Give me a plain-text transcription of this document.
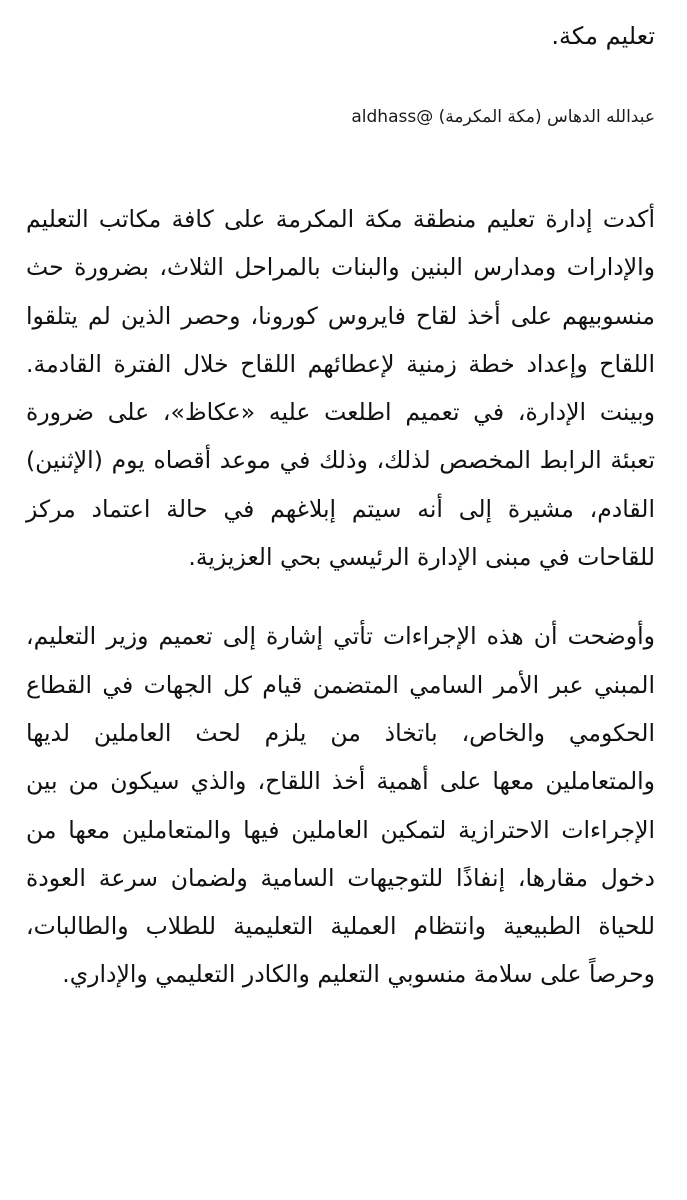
تعليم مكة.

عبدالله الدهاس (مكة المكرمة) @aldhass

أكدت إدارة تعليم منطقة مكة المكرمة على كافة مكاتب التعليم والإدارات ومدارس البنين والبنات بالمراحل الثلاث، بضرورة حث منسوبيهم على أخذ لقاح فايروس كورونا، وحصر الذين لم يتلقوا اللقاح وإعداد خطة زمنية لإعطائهم اللقاح خلال الفترة القادمة. وبينت الإدارة، في تعميم اطلعت عليه «عكاظ»، على ضرورة تعبئة الرابط المخصص لذلك، وذلك في موعد أقصاه يوم (الإثنين) القادم، مشيرة إلى أنه سيتم إبلاغهم في حالة اعتماد مركز للقاحات في مبنى الإدارة الرئيسي بحي العزيزية.

وأوضحت أن هذه الإجراءات تأتي إشارة إلى تعميم وزير التعليم، المبني عبر الأمر السامي المتضمن قيام كل الجهات في القطاع الحكومي والخاص، باتخاذ من يلزم لحث العاملين لديها والمتعاملين معها على أهمية أخذ اللقاح، والذي سيكون من بين الإجراءات الاحترازية لتمكين العاملين فيها والمتعاملين معها من دخول مقارها، إنفاذًا للتوجيهات السامية ولضمان سرعة العودة للحياة الطبيعية وانتظام العملية التعليمية للطلاب والطالبات، وحرصاً على سلامة منسوبي التعليم والكادر التعليمي والإداري.
